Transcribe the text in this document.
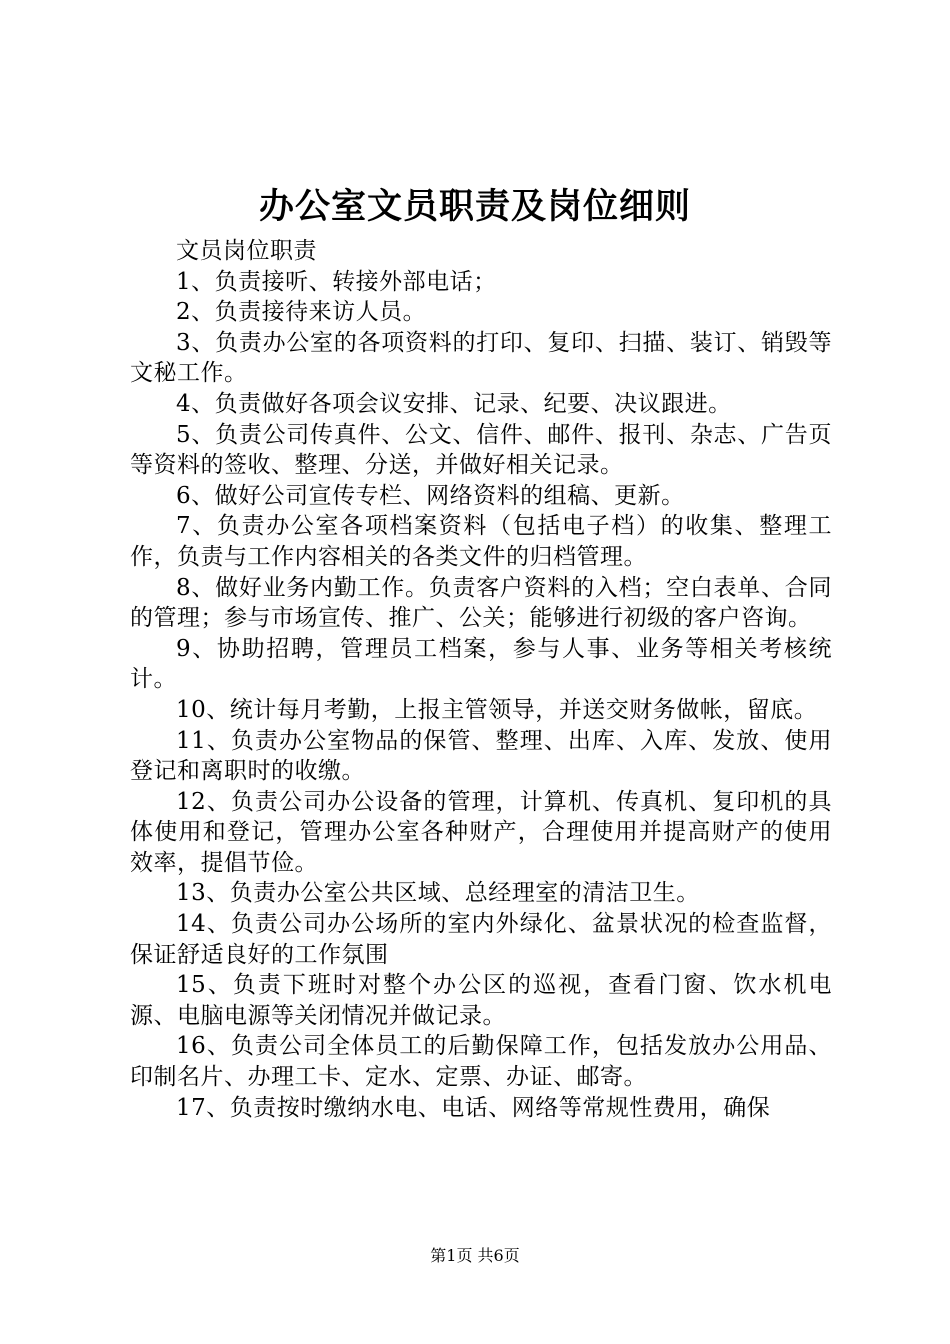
办公室文员职责及岗位细则

文员岗位职责

1、负责接听、转接外部电话；

2、负责接待来访人员。

3、负责办公室的各项资料的打印、复印、扫描、装订、销毁等文秘工作。

4、负责做好各项会议安排、记录、纪要、决议跟进。

5、负责公司传真件、公文、信件、邮件、报刊、杂志、广告页等资料的签收、整理、分送，并做好相关记录。

6、做好公司宣传专栏、网络资料的组稿、更新。

7、负责办公室各项档案资料（包括电子档）的收集、整理工作，负责与工作内容相关的各类文件的归档管理。

8、做好业务内勤工作。负责客户资料的入档；空白表单、合同的管理；参与市场宣传、推广、公关；能够进行初级的客户咨询。

9、协助招聘，管理员工档案，参与人事、业务等相关考核统计。

10、统计每月考勤，上报主管领导，并送交财务做帐，留底。

11、负责办公室物品的保管、整理、出库、入库、发放、使用登记和离职时的收缴。

12、负责公司办公设备的管理，计算机、传真机、复印机的具体使用和登记，管理办公室各种财产，合理使用并提高财产的使用效率，提倡节俭。

13、负责办公室公共区域、总经理室的清洁卫生。

14、负责公司办公场所的室内外绿化、盆景状况的检查监督，保证舒适良好的工作氛围

15、负责下班时对整个办公区的巡视，查看门窗、饮水机电源、电脑电源等关闭情况并做记录。

16、负责公司全体员工的后勤保障工作，包括发放办公用品、印制名片、办理工卡、定水、定票、办证、邮寄。

17、负责按时缴纳水电、电话、网络等常规性费用，确保

第1页 共6页
